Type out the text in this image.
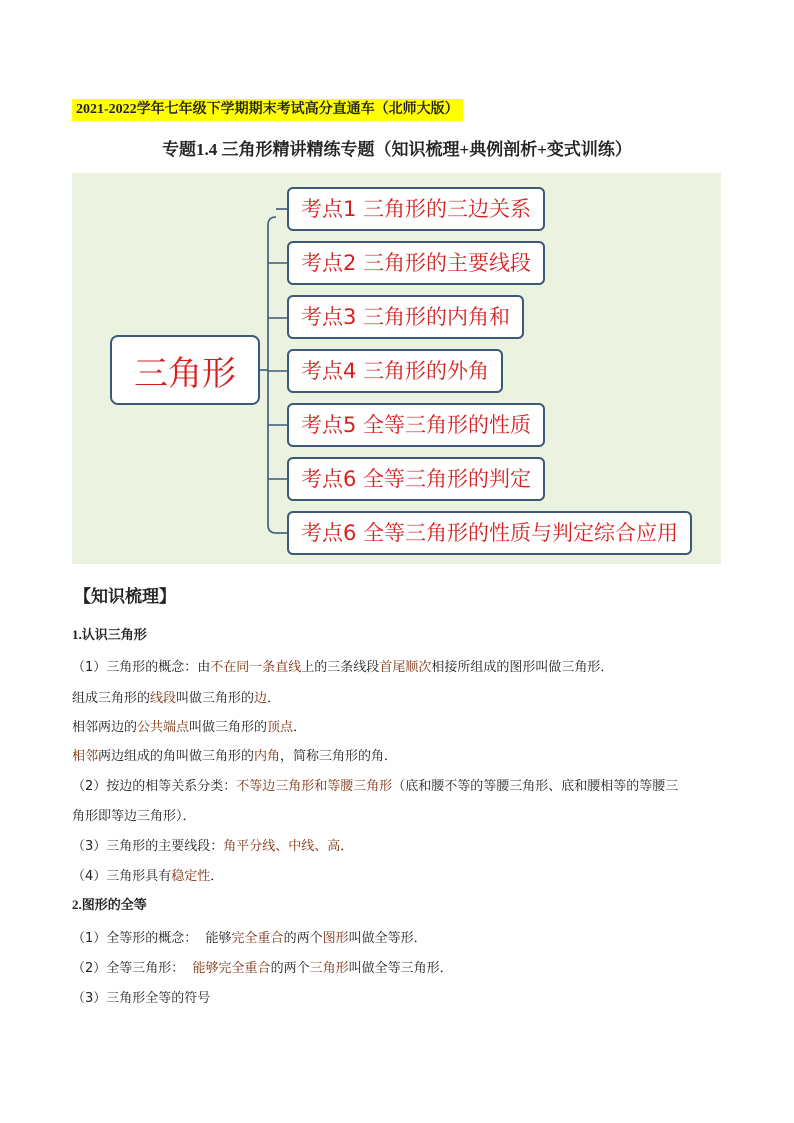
2021-2022学年七年级下学期期末考试高分直通车（北师大版）
专题1.4 三角形精讲精练专题（知识梳理+典例剖析+变式训练）
三角形
考点1 三角形的三边关系
考点2 三角形的主要线段
考点3 三角形的内角和
考点4 三角形的外角
考点5 全等三角形的性质
考点6 全等三角形的判定
考点6 全等三角形的性质与判定综合应用
【知识梳理】
1.认识三角形
（1）三角形的概念：由不在同一条直线上的三条线段首尾顺次相接所组成的图形叫做三角形．
组成三角形的线段叫做三角形的边．
相邻两边的公共端点叫做三角形的顶点．
相邻两边组成的角叫做三角形的内角，简称三角形的角．
（2）按边的相等关系分类：不等边三角形和等腰三角形（底和腰不等的等腰三角形、底和腰相等的等腰三
角形即等边三角形）．
（3）三角形的主要线段：角平分线、中线、高．
（4）三角形具有稳定性．
2.图形的全等
（1）全等形的概念：  能够完全重合的两个图形叫做全等形．
（2）全等三角形：  能够完全重合的两个三角形叫做全等三角形．
（3）三角形全等的符号
